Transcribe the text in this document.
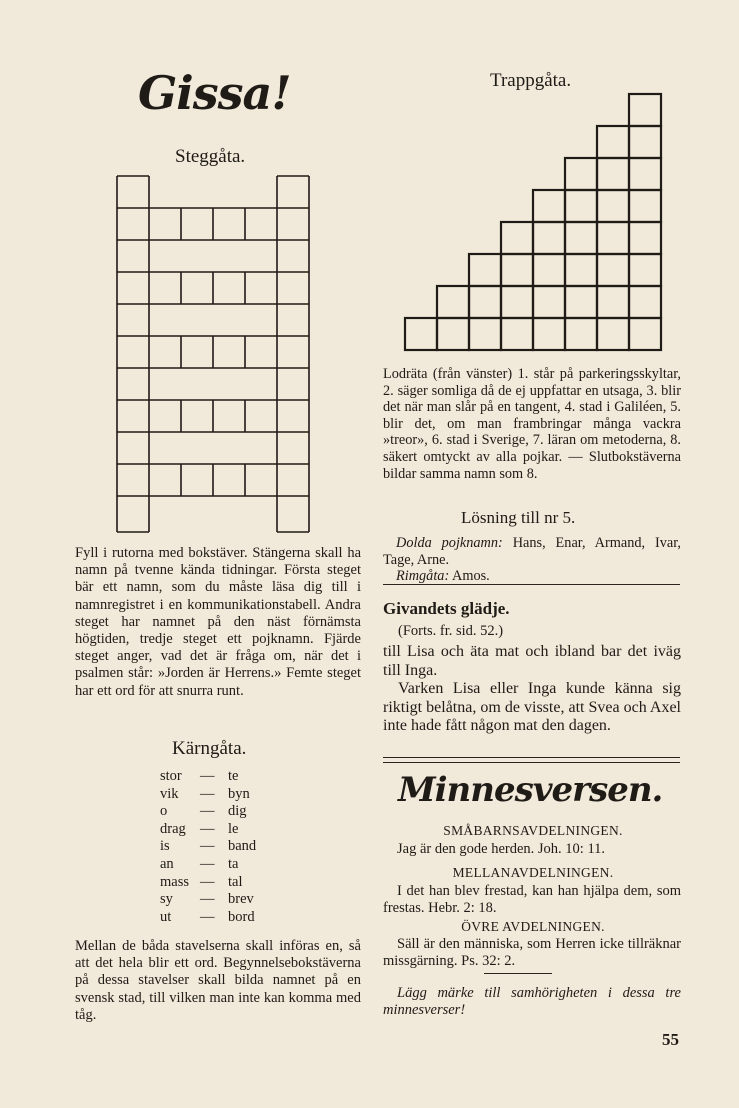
Gissa!
Steggåta.
Fyll i rutorna med bokstäver. Stängerna skall ha namn på tvenne kända tidningar. Första steget bär ett namn, som du måste läsa dig till i namnregistret i en kommunikationstabell. Andra steget har namnet på den näst förnämsta högtiden, tredje steget ett pojknamn. Fjärde steget anger, vad det är fråga om, när det i psalmen står: »Jorden är Herrens.» Femte steget har ett ord för att snurra runt.
Kärngåta.
stor	— te
vik	— byn
o	— dig
drag — le
is	— band
an	— ta
mass — tal
sy	— brev
ut	— bord
Mellan de båda stavelserna skall införas en, så att det hela blir ett ord. Begynnelsebokstäverna på dessa stavelser skall bilda namnet på en svensk stad, till vilken man inte kan komma med tåg.
Trappgåta.
Lodräta (från vänster) 1. står på parkeringsskyltar, 2. säger somliga då de ej uppfattar en utsaga, 3. blir det när man slår på en tangent, 4. stad i Galiléen, 5. blir det, om man frambringar många vackra »treor», 6. stad i Sverige, 7. läran om metoderna, 8. säkert omtyckt av alla pojkar. — Slutbokstäverna bildar samma namn som 8.
Lösning till nr 5.
Dolda pojknamn: Hans, Enar, Armand, Ivar, Tage, Arne.
Rimgåta: Amos.
Givandets glädje.
(Forts. fr. sid. 52.)
till Lisa och äta mat och ibland bar det iväg till Inga.
Varken Lisa eller Inga kunde känna sig riktigt belåtna, om de visste, att Svea och Axel inte hade fått någon mat den dagen.
Minnesversen.
SMÅBARNSAVDELNINGEN.
Jag är den gode herden. Joh. 10: 11.
MELLANAVDELNINGEN.
I det han blev frestad, kan han hjälpa dem, som frestas. Hebr. 2: 18.
ÖVRE AVDELNINGEN.
Säll är den människa, som Herren icke tillräknar missgärning. Ps. 32: 2.
Lägg märke till samhörigheten i dessa tre minnesverser!
55
